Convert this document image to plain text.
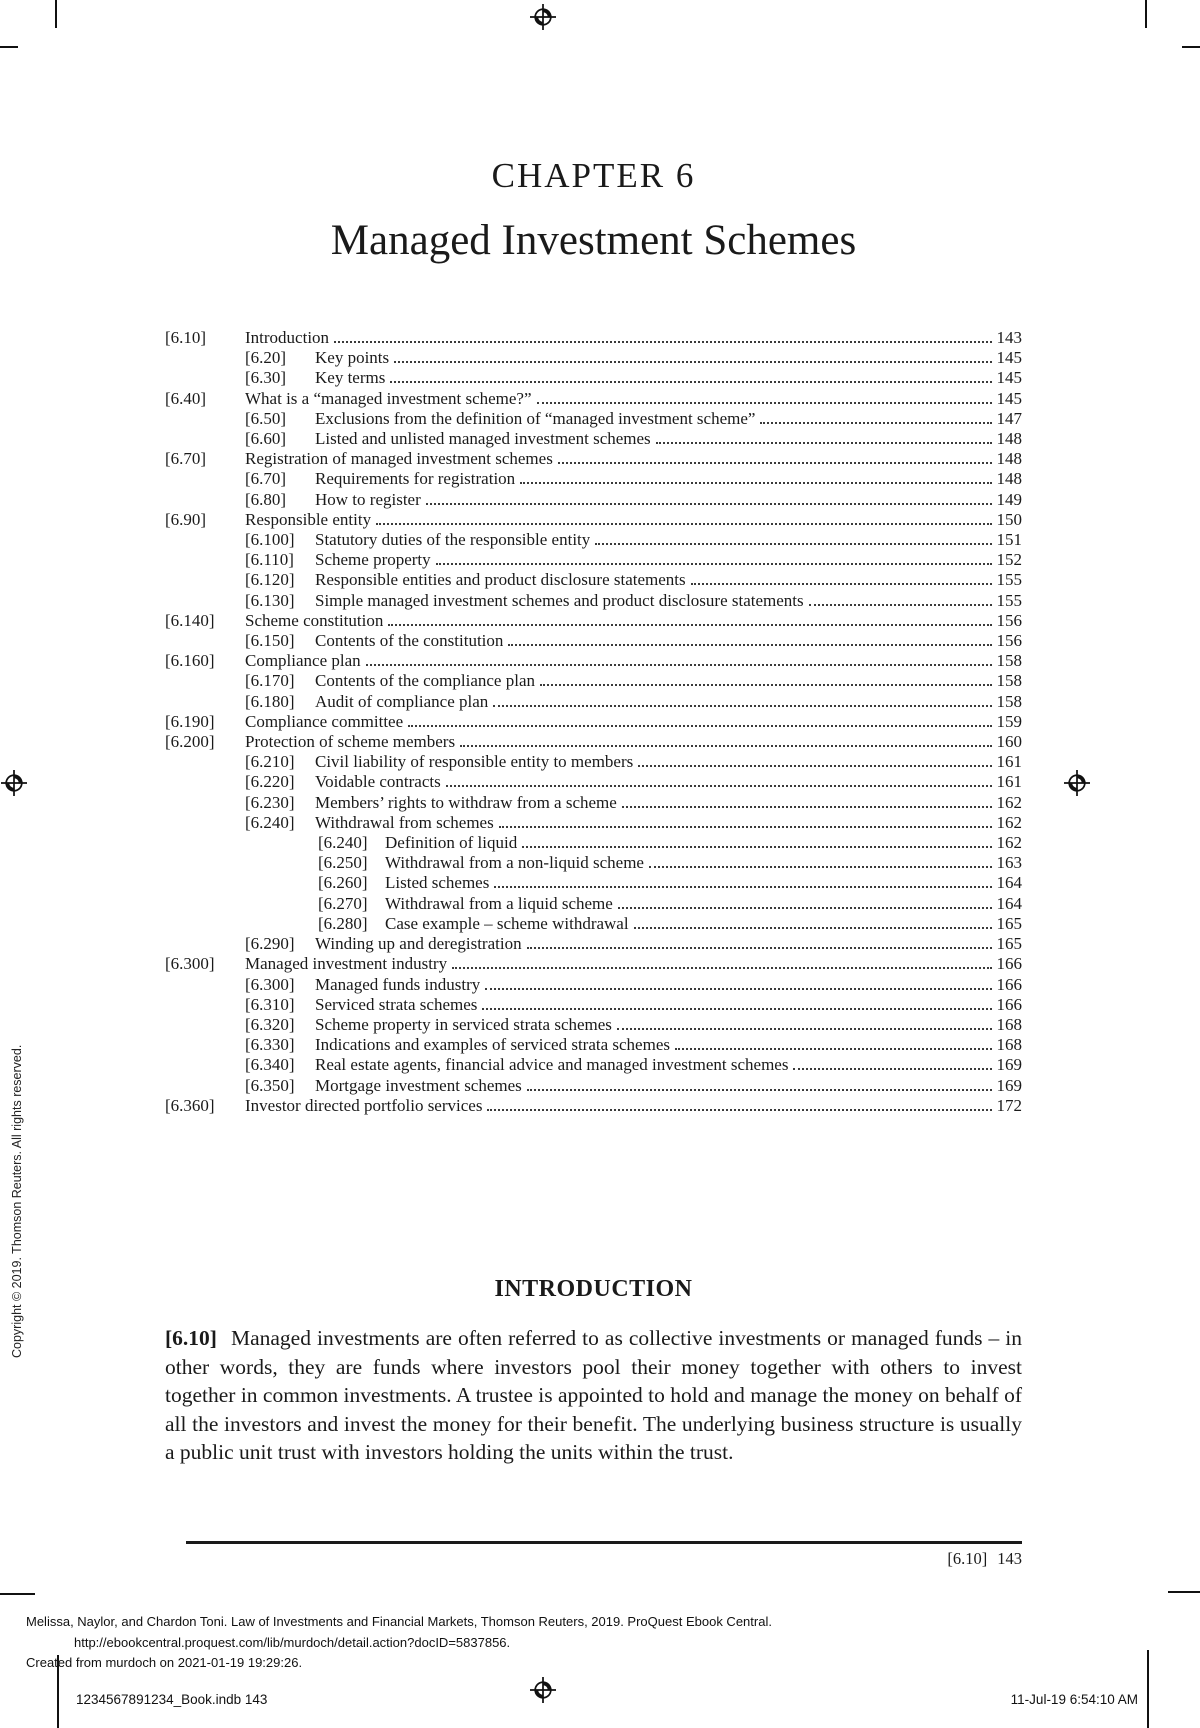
CHAPTER 6
Managed Investment Schemes
[6.10]	Introduction	143
[6.20]	Key points	145
[6.30]	Key terms	145
[6.40]	What is a “managed investment scheme?”	145
[6.50]	Exclusions from the definition of “managed investment scheme”	147
[6.60]	Listed and unlisted managed investment schemes	148
[6.70]	Registration of managed investment schemes	148
[6.70]	Requirements for registration	148
[6.80]	How to register	149
[6.90]	Responsible entity	150
[6.100]	Statutory duties of the responsible entity	151
[6.110]	Scheme property	152
[6.120]	Responsible entities and product disclosure statements	155
[6.130]	Simple managed investment schemes and product disclosure statements	155
[6.140]	Scheme constitution	156
[6.150]	Contents of the constitution	156
[6.160]	Compliance plan	158
[6.170]	Contents of the compliance plan	158
[6.180]	Audit of compliance plan	158
[6.190]	Compliance committee	159
[6.200]	Protection of scheme members	160
[6.210]	Civil liability of responsible entity to members	161
[6.220]	Voidable contracts	161
[6.230]	Members’ rights to withdraw from a scheme	162
[6.240]	Withdrawal from schemes	162
[6.240]	Definition of liquid	162
[6.250]	Withdrawal from a non-liquid scheme	163
[6.260]	Listed schemes	164
[6.270]	Withdrawal from a liquid scheme	164
[6.280]	Case example – scheme withdrawal	165
[6.290]	Winding up and deregistration	165
[6.300]	Managed investment industry	166
[6.300]	Managed funds industry	166
[6.310]	Serviced strata schemes	166
[6.320]	Scheme property in serviced strata schemes	168
[6.330]	Indications and examples of serviced strata schemes	168
[6.340]	Real estate agents, financial advice and managed investment schemes	169
[6.350]	Mortgage investment schemes	169
[6.360]	Investor directed portfolio services	172
INTRODUCTION

[6.10] Managed investments are often referred to as collective investments or managed funds – in other words, they are funds where investors pool their money together with others to invest together in common investments. A trustee is appointed to hold and manage the money on behalf of all the investors and invest the money for their benefit. The underlying business structure is usually a public unit trust with investors holding the units within the trust.

[6.10] 143
Copyright © 2019. Thomson Reuters. All rights reserved.
Melissa, Naylor, and Chardon Toni. Law of Investments and Financial Markets, Thomson Reuters, 2019. ProQuest Ebook Central.
http://ebookcentral.proquest.com/lib/murdoch/detail.action?docID=5837856.
Created from murdoch on 2021-01-19 19:29:26.
1234567891234_Book.indb 143	11-Jul-19 6:54:10 AM
